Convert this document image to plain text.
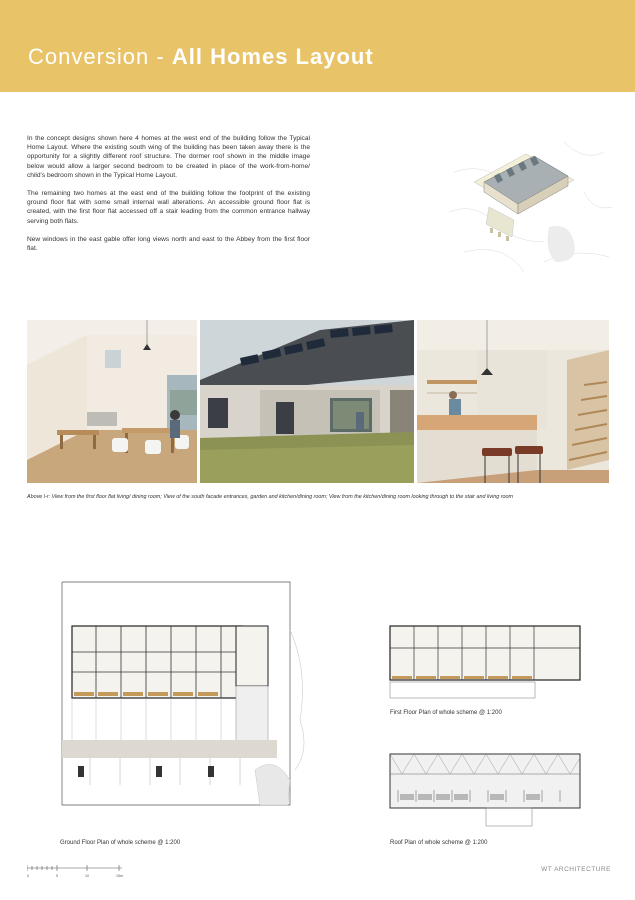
Conversion - All Homes Layout

In the concept designs shown here 4 homes at the west end of the building follow the Typical Home Layout. Where the existing south wing of the building has been taken away there is the opportunity for a slightly different roof structure. The dormer roof shown in the middle image below would allow a larger second bedroom to be created in place of the work-from-home/ child's bedroom shown in the Typical Home Layout.

The remaining two homes at the east end of the building follow the footprint of the existing ground floor flat with some small internal wall alterations. An accessible ground floor flat is created, with the first floor flat accessed off a stair leading from the common entrance hallway serving both flats.

New windows in the east gable offer long views north and east to the Abbey from the first floor flat.

Above l-r: View from the first floor flat living/ dining room; View of the south facade entrances, garden and kitchen/dining room; View from the kitchen/dining room looking through to the stair and living room
Ground Floor Plan of whole scheme @ 1:200
First Floor Plan of whole scheme @ 1:200
Roof Plan of whole scheme @ 1:200
0	5	10	15m
WT ARCHITECTURE
